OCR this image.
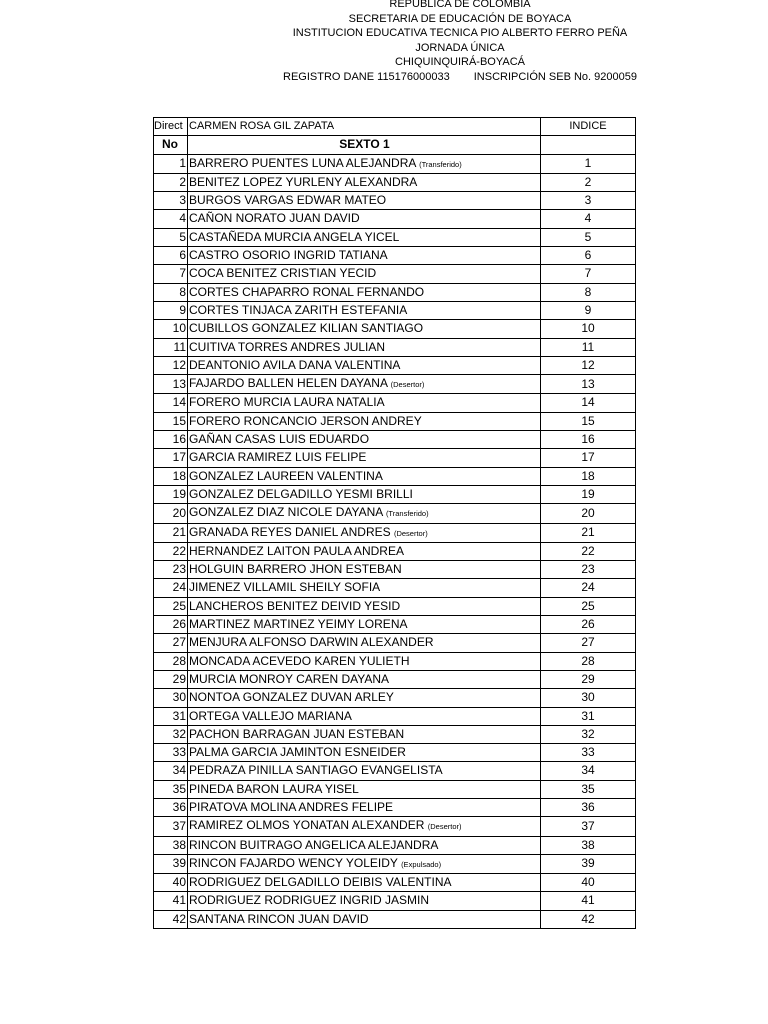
REPUBLICA DE COLOMBIA
SECRETARIA DE EDUCACIÓN DE BOYACA
INSTITUCION EDUCATIVA TECNICA PIO ALBERTO FERRO PEÑA
JORNADA ÚNICA
CHIQUINQUIRÁ-BOYACÁ
REGISTRO DANE 115176000033 INSCRIPCIÓN SEB No. 9200059
Direct	CARMEN ROSA GIL ZAPATA	INDICE
No	SEXTO 1	
1	BARRERO PUENTES LUNA ALEJANDRA (Transferido)	1
2	BENITEZ LOPEZ YURLENY ALEXANDRA	2
3	BURGOS VARGAS EDWAR MATEO	3
4	CAÑON NORATO JUAN DAVID	4
5	CASTAÑEDA MURCIA ANGELA YICEL	5
6	CASTRO OSORIO INGRID TATIANA	6
7	COCA BENITEZ CRISTIAN YECID	7
8	CORTES CHAPARRO RONAL FERNANDO	8
9	CORTES TINJACA ZARITH ESTEFANIA	9
10	CUBILLOS GONZALEZ KILIAN SANTIAGO	10
11	CUITIVA TORRES ANDRES JULIAN	11
12	DEANTONIO AVILA DANA VALENTINA	12
13	FAJARDO BALLEN HELEN DAYANA (Desertor)	13
14	FORERO MURCIA LAURA NATALIA	14
15	FORERO RONCANCIO JERSON ANDREY	15
16	GAÑAN CASAS LUIS EDUARDO	16
17	GARCIA RAMIREZ LUIS FELIPE	17
18	GONZALEZ LAUREEN VALENTINA	18
19	GONZALEZ DELGADILLO YESMI BRILLI	19
20	GONZALEZ DIAZ NICOLE DAYANA (Transferido)	20
21	GRANADA REYES DANIEL ANDRES (Desertor)	21
22	HERNANDEZ LAITON PAULA ANDREA	22
23	HOLGUIN BARRERO JHON ESTEBAN	23
24	JIMENEZ VILLAMIL SHEILY SOFIA	24
25	LANCHEROS BENITEZ DEIVID YESID	25
26	MARTINEZ MARTINEZ YEIMY LORENA	26
27	MENJURA ALFONSO DARWIN ALEXANDER	27
28	MONCADA ACEVEDO KAREN YULIETH	28
29	MURCIA MONROY CAREN DAYANA	29
30	NONTOA GONZALEZ DUVAN ARLEY	30
31	ORTEGA VALLEJO MARIANA	31
32	PACHON BARRAGAN JUAN ESTEBAN	32
33	PALMA GARCIA JAMINTON ESNEIDER	33
34	PEDRAZA PINILLA SANTIAGO EVANGELISTA	34
35	PINEDA BARON LAURA YISEL	35
36	PIRATOVA MOLINA ANDRES FELIPE	36
37	RAMIREZ OLMOS YONATAN ALEXANDER (Desertor)	37
38	RINCON BUITRAGO ANGELICA ALEJANDRA	38
39	RINCON FAJARDO WENCY YOLEIDY (Expulsado)	39
40	RODRIGUEZ DELGADILLO DEIBIS VALENTINA	40
41	RODRIGUEZ RODRIGUEZ INGRID JASMIN	41
42	SANTANA RINCON JUAN DAVID	42
